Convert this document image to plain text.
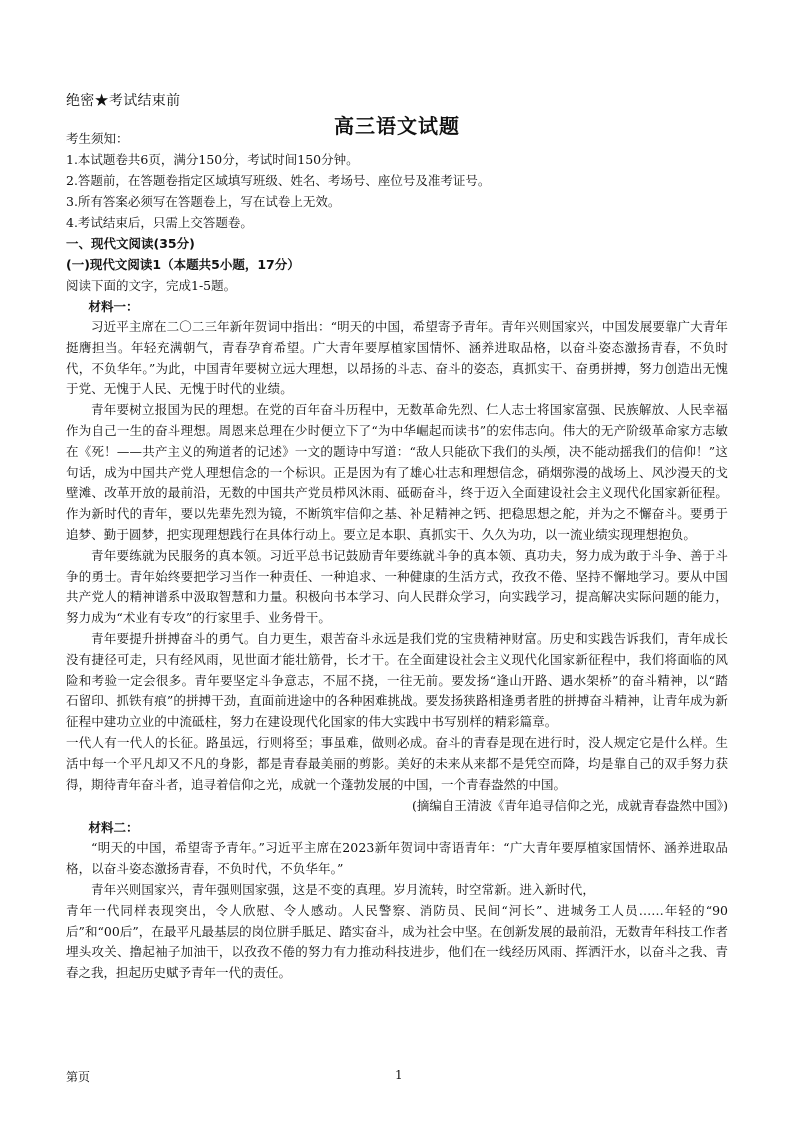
绝密★考试结束前
高三语文试题
考生须知：
1.本试题卷共6页，满分150分，考试时间150分钟。
2.答题前，在答题卷指定区域填写班级、姓名、考场号、座位号及准考证号。
3.所有答案必须写在答题卷上，写在试卷上无效。
4.考试结束后，只需上交答题卷。
一、现代文阅读(35分)
(一)现代文阅读1（本题共5小题，17分）
阅读下面的文字，完成1-5题。

材料一：

习近平主席在二〇二三年新年贺词中指出：“明天的中国，希望寄予青年。青年兴则国家兴，中国发展要靠广大青年挺膺担当。年轻充满朝气，青春孕育希望。广大青年要厚植家国情怀、涵养进取品格，以奋斗姿态激扬青春，不负时代，不负华年。”为此，中国青年要树立远大理想，以昂扬的斗志、奋斗的姿态，真抓实干、奋勇拼搏，努力创造出无愧于党、无愧于人民、无愧于时代的业绩。

青年要树立报国为民的理想。在党的百年奋斗历程中，无数革命先烈、仁人志士将国家富强、民族解放、人民幸福作为自己一生的奋斗理想。周恩来总理在少时便立下了“为中华崛起而读书”的宏伟志向。伟大的无产阶级革命家方志敏在《死！——共产主义的殉道者的记述》一文的题诗中写道：“敌人只能砍下我们的头颅，决不能动摇我们的信仰！”这句话，成为中国共产党人理想信念的一个标识。正是因为有了雄心壮志和理想信念，硝烟弥漫的战场上、风沙漫天的戈壁滩、改革开放的最前沿，无数的中国共产党员栉风沐雨、砥砺奋斗，终于迈入全面建设社会主义现代化国家新征程。作为新时代的青年，要以先辈先烈为镜，不断筑牢信仰之基、补足精神之钙、把稳思想之舵，并为之不懈奋斗。要勇于追梦、勤于圆梦，把实现理想践行在具体行动上。要立足本职、真抓实干、久久为功，以一流业绩实现理想抱负。

青年要练就为民服务的真本领。习近平总书记鼓励青年要练就斗争的真本领、真功夫，努力成为敢于斗争、善于斗争的勇士。青年始终要把学习当作一种责任、一种追求、一种健康的生活方式，孜孜不倦、坚持不懈地学习。要从中国共产党人的精神谱系中汲取智慧和力量。积极向书本学习、向人民群众学习，向实践学习，提高解决实际问题的能力，努力成为“术业有专攻”的行家里手、业务骨干。

青年要提升拼搏奋斗的勇气。自力更生，艰苦奋斗永远是我们党的宝贵精神财富。历史和实践告诉我们，青年成长没有捷径可走，只有经风雨，见世面才能壮筋骨，长才干。在全面建设社会主义现代化国家新征程中，我们将面临的风险和考验一定会很多。青年要坚定斗争意志，不屈不挠，一往无前。要发扬“逢山开路、遇水架桥”的奋斗精神，以“踏石留印、抓铁有痕”的拼搏干劲，直面前进途中的各种困难挑战。要发扬狭路相逢勇者胜的拼搏奋斗精神，让青年成为新征程中建功立业的中流砥柱，努力在建设现代化国家的伟大实践中书写别样的精彩篇章。

一代人有一代人的长征。路虽远，行则将至；事虽难，做则必成。奋斗的青春是现在进行时，没人规定它是什么样。生活中每一个平凡却又不凡的身影，都是青春最美丽的剪影。美好的未来从来都不是凭空而降，均是靠自己的双手努力获得，期待青年奋斗者，追寻着信仰之光，成就一个蓬勃发展的中国，一个青春盎然的中国。

(摘编自王清波《青年追寻信仰之光，成就青春盎然中国》)

材料二：

“明天的中国，希望寄予青年。”习近平主席在2023新年贺词中寄语青年：“广大青年要厚植家国情怀、涵养进取品格，以奋斗姿态激扬青春，不负时代，不负华年。”

青年兴则国家兴，青年强则国家强，这是不变的真理。岁月流转，时空常新。进入新时代，

青年一代同样表现突出，令人欣慰、令人感动。人民警察、消防员、民间“河长”、进城务工人员……年轻的“90后”和“00后”，在最平凡最基层的岗位胼手胝足、踏实奋斗，成为社会中坚。在创新发展的最前沿，无数青年科技工作者埋头攻关、撸起袖子加油干，以孜孜不倦的努力有力推动科技进步，他们在一线经历风雨、挥洒汗水，以奋斗之我、青春之我，担起历史赋予青年一代的责任。

第页	1
